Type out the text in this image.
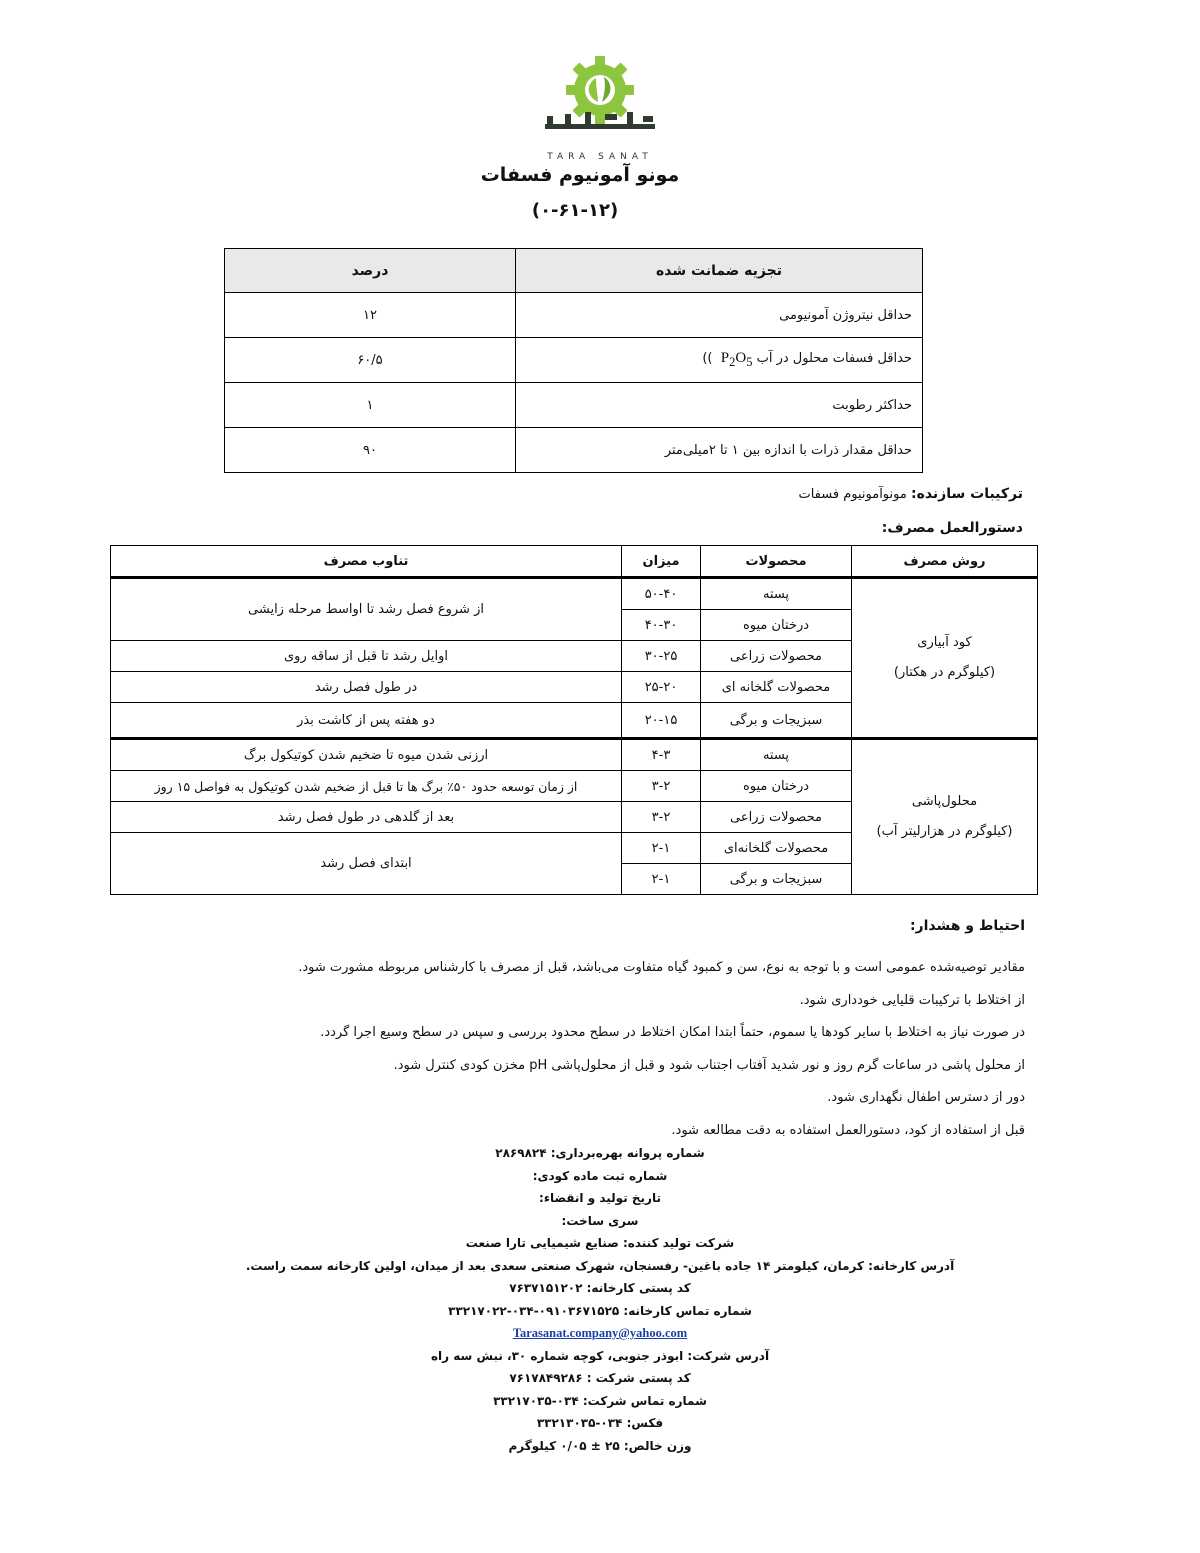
TARA SANAT
مونو آمونیوم فسفات
(۰-۶۱-۱۲)
تجزیه ضمانت شده	درصد
حداقل نیتروژن آمونیومی	۱۲
حداقل فسفات محلول در آب $P_2O_5$ ( )	۶۰/۵
حداکثر رطوبت	۱
حداقل مقدار ذرات با اندازه بین ۱ تا ۲میلی‌متر	۹۰
ترکیبات سازنده: مونوآمونیوم فسفات
دستورالعمل مصرف:
روش مصرف	محصولات	میزان	تناوب مصرف

کود آبیاری
(کیلوگرم در هکتار)	پسته	۵۰-۴۰	از شروع فصل رشد تا اواسط مرحله زایشی
	درختان میوه	۴۰-۳۰	
	محصولات زراعی	۳۰-۲۵	اوایل رشد تا قبل از ساقه روی
	محصولات گلخانه ای	۲۵-۲۰	در طول فصل رشد
	سبزیجات و برگی	۲۰-۱۵	دو هفته پس از کاشت بذر

محلول‌پاشی
(کیلوگرم در هزارلیتر آب)	پسته	۴-۳	ارزنی شدن میوه تا ضخیم شدن کوتیکول برگ
	درختان میوه	۳-۲	از زمان توسعه حدود ۵۰٪ برگ ها تا قبل از ضخیم شدن کوتیکول به فواصل ۱۵ روز
	محصولات زراعی	۳-۲	بعد از گلدهی در طول فصل رشد
	محصولات گلخانه‌ای	۲-۱	ابتدای فصل رشد
	سبزیجات و برگی	۲-۱	
احتیاط و هشدار:

مقادیر توصیه‌شده عمومی است و با توجه به نوع، سن و کمبود گیاه متفاوت می‌باشد، قبل از مصرف با کارشناس مربوطه مشورت شود.

از اختلاط با ترکیبات قلیایی خودداری شود.

در صورت نیاز به اختلاط با سایر کودها یا سموم، حتماً ابتدا امکان اختلاط در سطح محدود بررسی و سپس در سطح وسیع اجرا گردد.

از محلول پاشی در ساعات گرم روز و نور شدید آفتاب اجتناب شود و قبل از محلول‌پاشی pH مخزن کودی کنترل شود.

دور از دسترس اطفال نگهداری شود.

قبل از استفاده از کود، دستورالعمل استفاده به دقت مطالعه شود.

شماره پروانه بهره‌برداری: ۲۸۶۹۸۲۴

شماره ثبت ماده کودی:

تاریخ تولید و انقضاء:

سری ساخت:

شرکت تولید کننده: صنایع شیمیایی تارا صنعت

آدرس کارخانه: کرمان، کیلومتر ۱۴ جاده باغین- رفسنجان، شهرک صنعتی سعدی بعد از میدان، اولین کارخانه سمت راست.

کد پستی کارخانه: ۷۶۳۷۱۵۱۲۰۲

شماره تماس کارخانه: ۰۹۱۰۳۶۷۱۵۲۵-۰۳۴-۳۳۲۱۷۰۲۲

Tarasanat.company@yahoo.com

آدرس شرکت: ابوذر جنوبی، کوچه شماره ۳۰، نبش سه راه

کد پستی شرکت : ۷۶۱۷۸۴۹۲۸۶

شماره تماس شرکت: ۰۳۴-۳۳۲۱۷۰۳۵

فکس: ۰۳۴-۳۳۲۱۳۰۳۵

وزن خالص: ۲۵ ± ۰/۰۵ کیلوگرم
